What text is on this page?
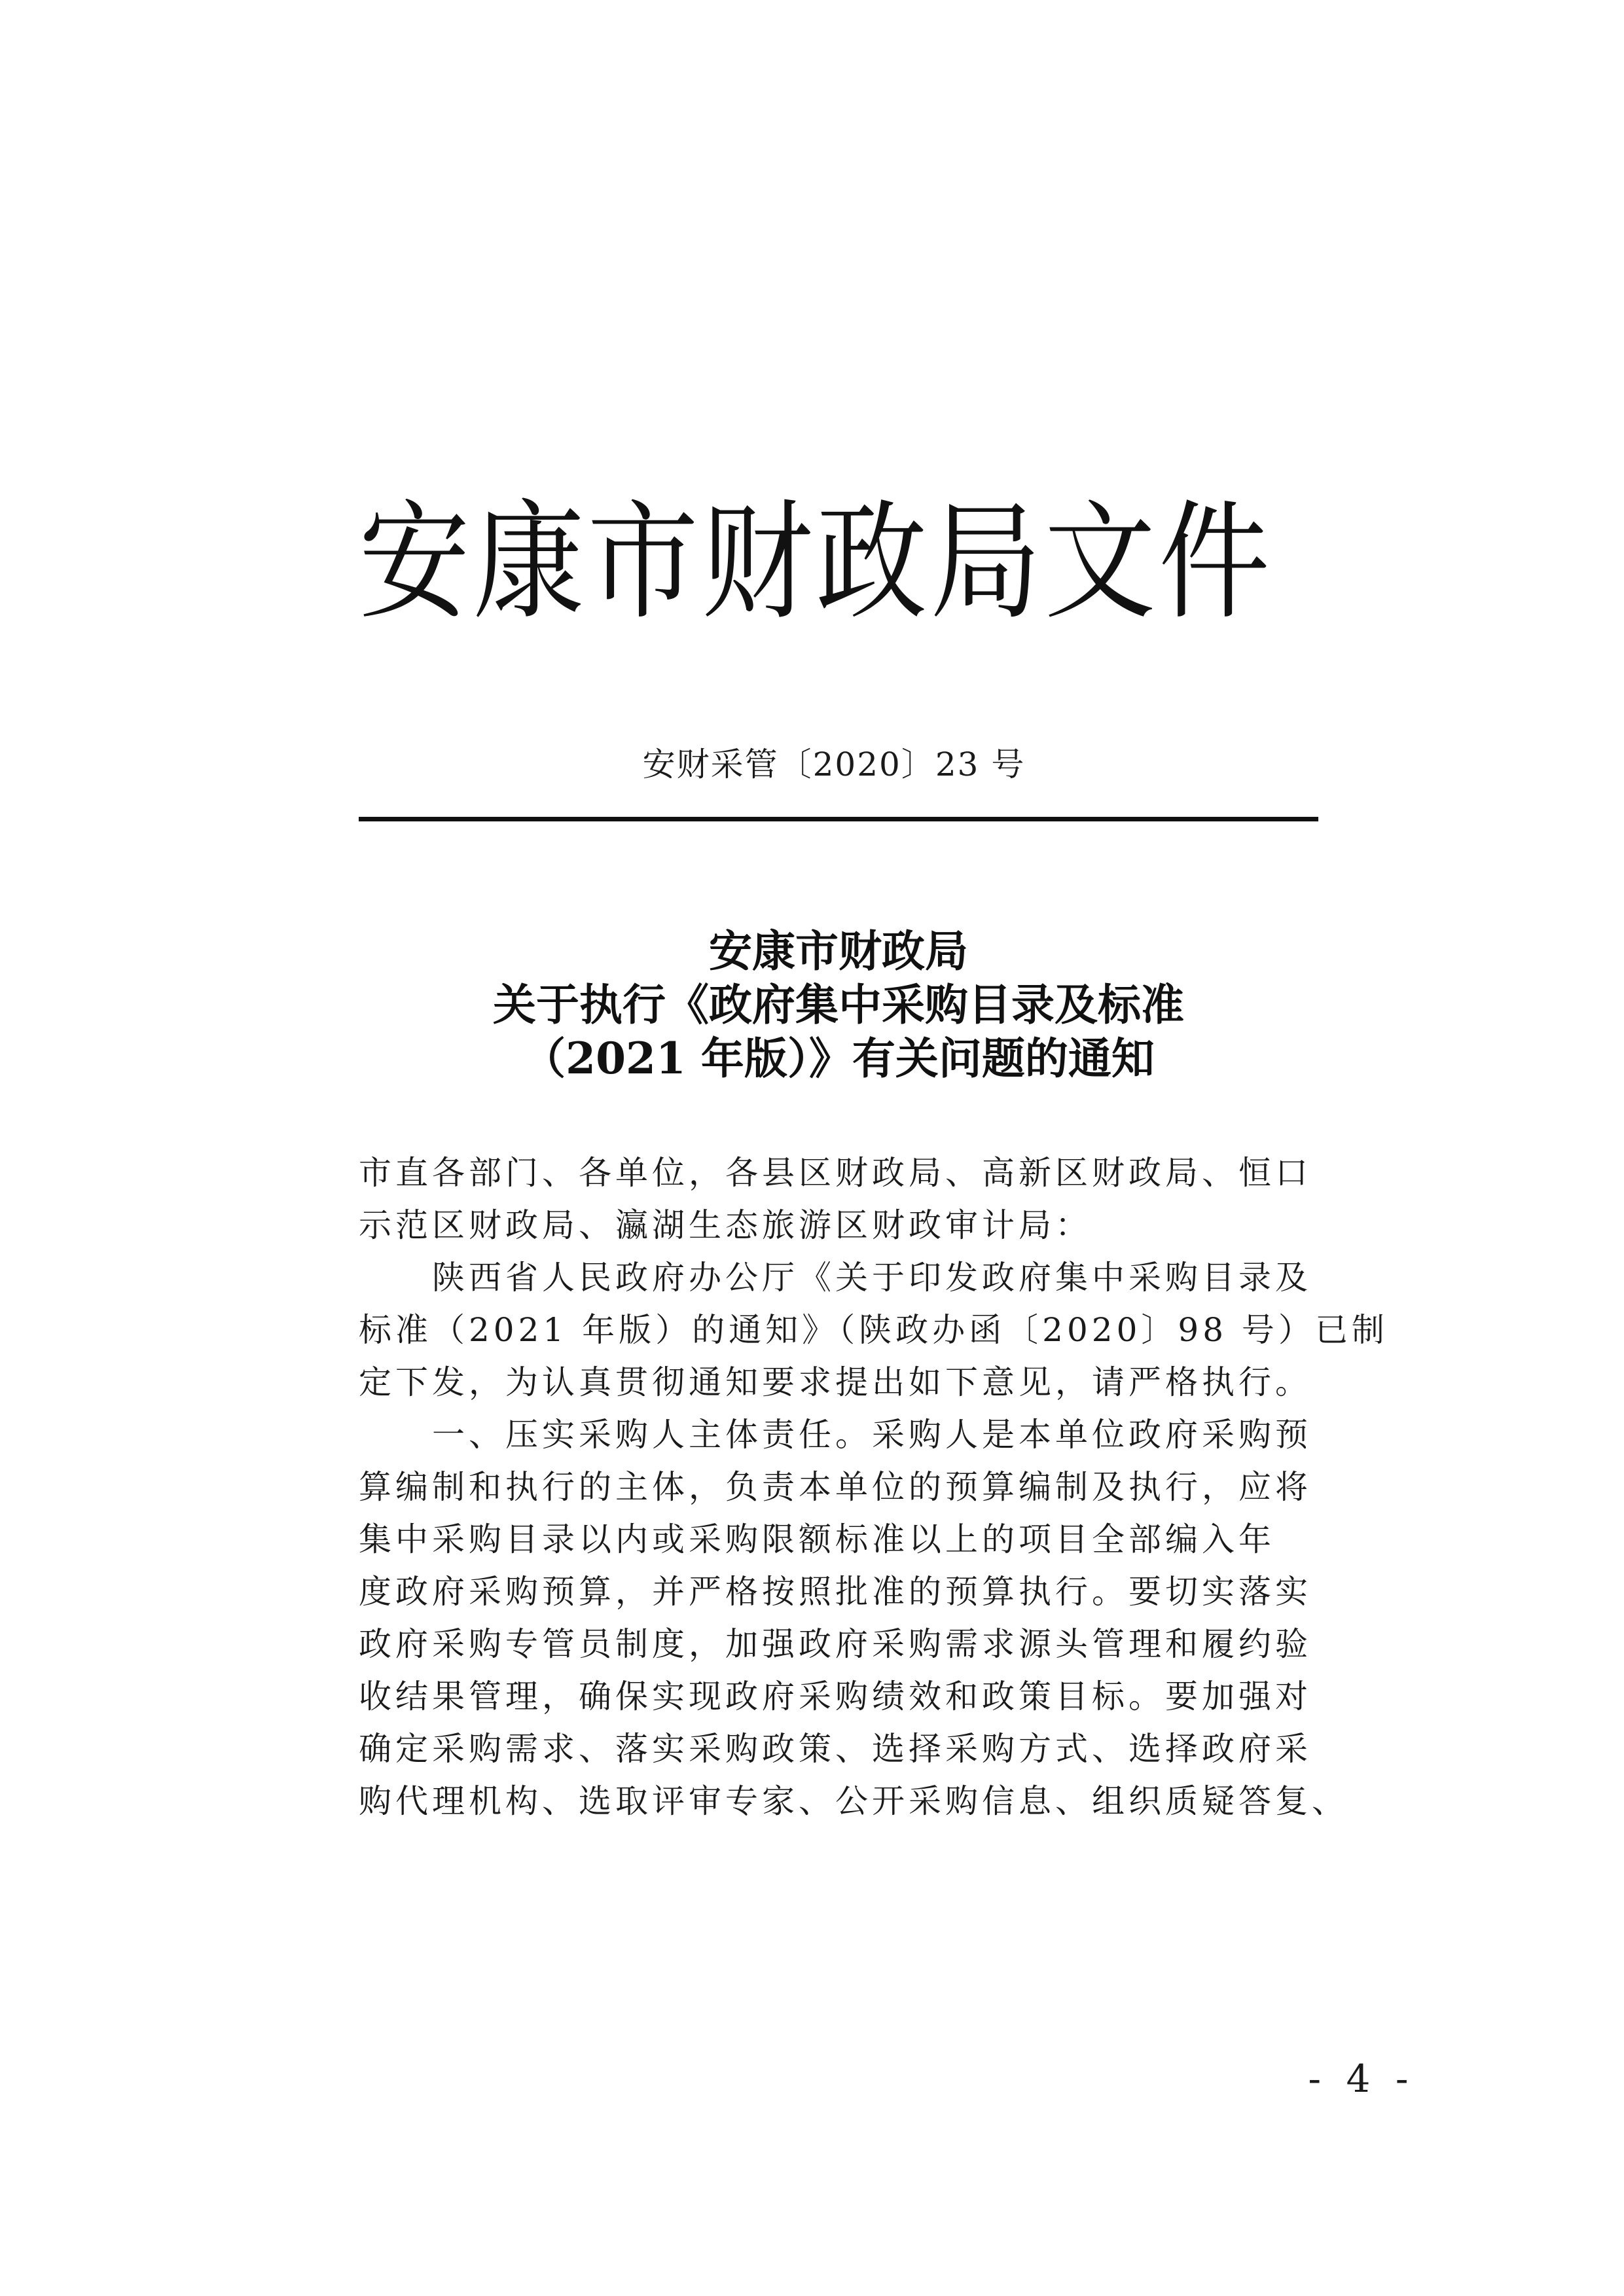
安 康 市 财 政 局 文 件
安财采管〔2020〕23 号
安康市财政局
关于执行《政府集中采购目录及标准
（2021 年版）》有关问题的通知
市直各部门、各单位，各县区财政局、高新区财政局、恒口
示范区财政局、瀛湖生态旅游区财政审计局：
　　陕西省人民政府办公厅《关于印发政府集中采购目录及
标准（2021 年版）的通知》（陕政办函〔2020〕98 号）已制
定下发，为认真贯彻通知要求提出如下意见，请严格执行。
　　一、压实采购人主体责任。采购人是本单位政府采购预
算编制和执行的主体，负责本单位的预算编制及执行，应将
集中采购目录以内或采购限额标准以上的项目全部编入年
度政府采购预算，并严格按照批准的预算执行。要切实落实
政府采购专管员制度，加强政府采购需求源头管理和履约验
收结果管理，确保实现政府采购绩效和政策目标。要加强对
确定采购需求、落实采购政策、选择采购方式、选择政府采
购代理机构、选取评审专家、公开采购信息、组织质疑答复、
- 4 -
